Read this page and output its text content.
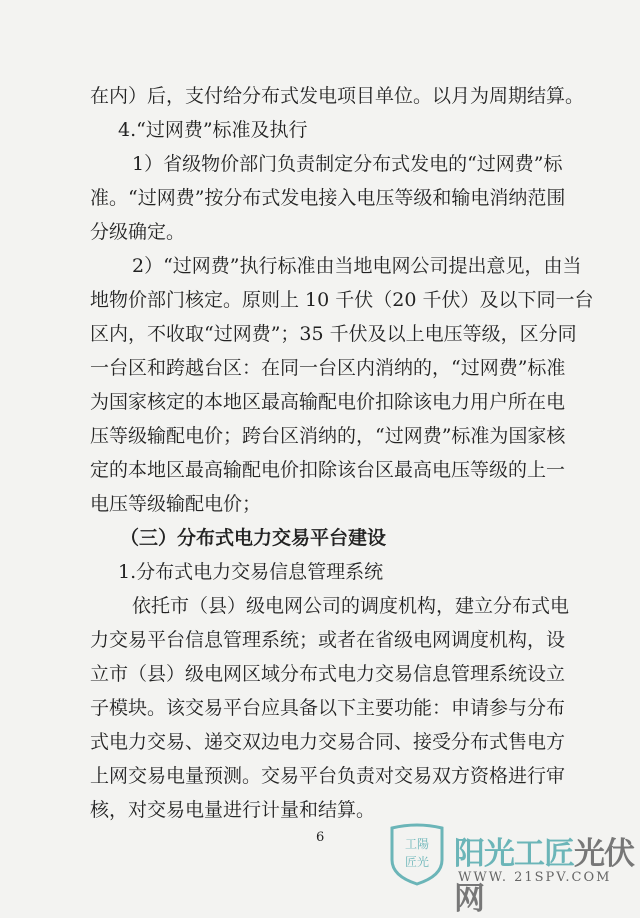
在内）后，支付给分布式发电项目单位。以月为周期结算。
4.“过网费”标准及执行
1）省级物价部门负责制定分布式发电的“过网费”标
准。“过网费”按分布式发电接入电压等级和输电消纳范围
分级确定。
2）“过网费”执行标准由当地电网公司提出意见，由当
地物价部门核定。原则上 10 千伏（20 千伏）及以下同一台
区内，不收取“过网费”；35 千伏及以上电压等级，区分同
一台区和跨越台区：在同一台区内消纳的，“过网费”标准
为国家核定的本地区最高输配电价扣除该电力用户所在电
压等级输配电价；跨台区消纳的，“过网费”标准为国家核
定的本地区最高输配电价扣除该台区最高电压等级的上一
电压等级输配电价；
（三）分布式电力交易平台建设
1.分布式电力交易信息管理系统
依托市（县）级电网公司的调度机构，建立分布式电
力交易平台信息管理系统；或者在省级电网调度机构，设
立市（县）级电网区域分布式电力交易信息管理系统设立
子模块。该交易平台应具备以下主要功能：申请参与分布
式电力交易、递交双边电力交易合同、接受分布式售电方
上网交易电量预测。交易平台负责对交易双方资格进行审
核，对交易电量进行计量和结算。
6	工陽
匠光 阳光工匠光伏网
WWW. 21SPV.COM
